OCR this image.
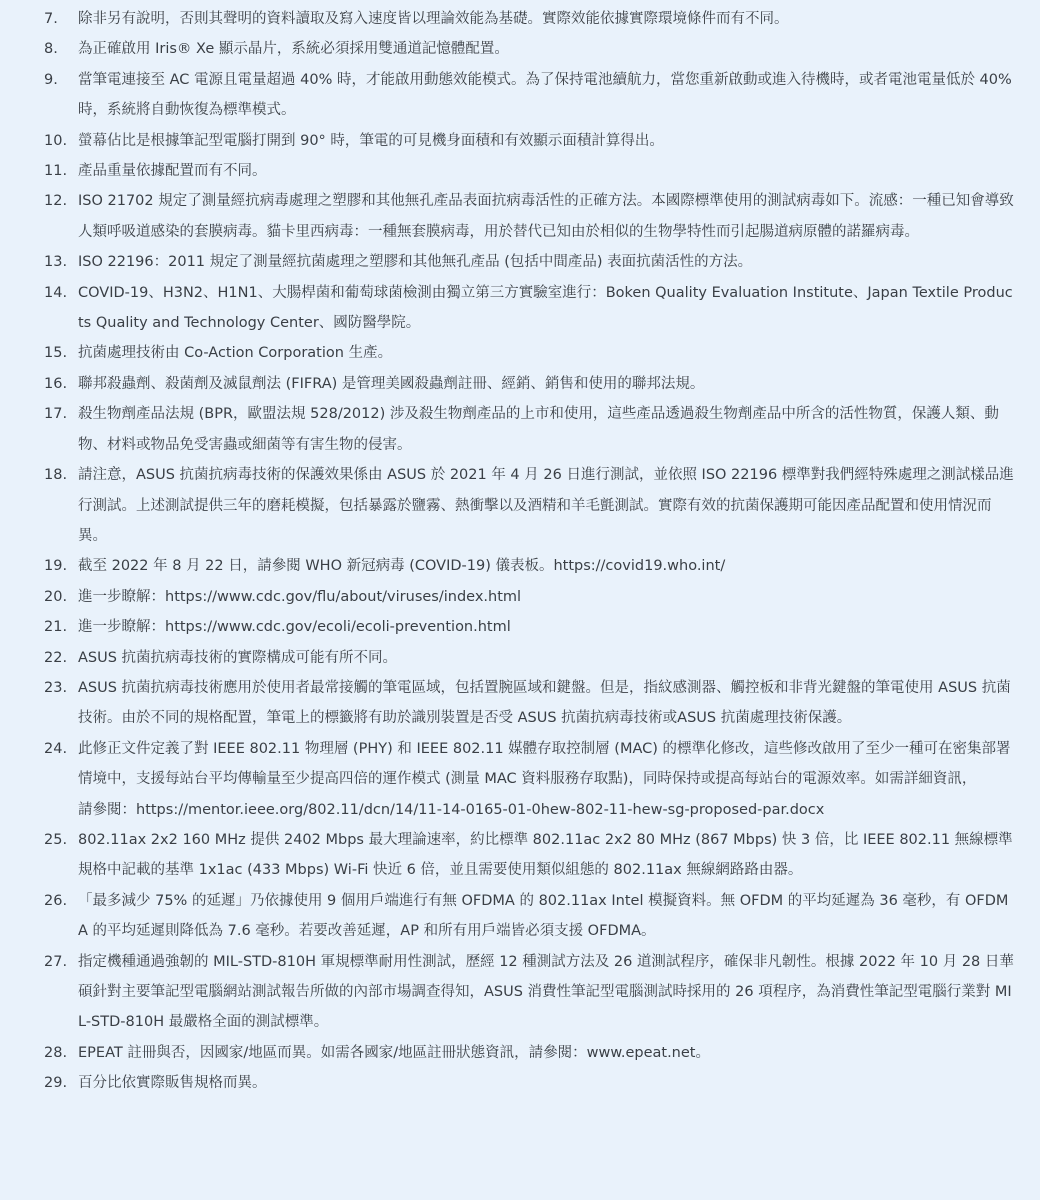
7.	除非另有說明，否則其聲明的資料讀取及寫入速度皆以理論效能為基礎。實際效能依據實際環境條件而有不同。
8.	為正確啟用 Iris® Xe 顯示晶片，系統必須採用雙通道記憶體配置。
9.	當筆電連接至 AC 電源且電量超過 40% 時，才能啟用動態效能模式。為了保持電池續航力，當您重新啟動或進入待機時，或者電池電量低於 40% 時，系統將自動恢復為標準模式。
10. 螢幕佔比是根據筆記型電腦打開到 90° 時，筆電的可見機身面積和有效顯示面積計算得出。
11. 產品重量依據配置而有不同。
12. ISO 21702 規定了測量經抗病毒處理之塑膠和其他無孔產品表面抗病毒活性的正確方法。本國際標準使用的測試病毒如下。流感：一種已知會導致人類呼吸道感染的套膜病毒。貓卡里西病毒：一種無套膜病毒，用於替代已知由於相似的生物學特性而引起腸道病原體的諾羅病毒。
13. ISO 22196：2011 規定了測量經抗菌處理之塑膠和其他無孔產品 (包括中間產品) 表面抗菌活性的方法。
14. COVID-19、H3N2、H1N1、大腸桿菌和葡萄球菌檢測由獨立第三方實驗室進行：Boken Quality Evaluation Institute、Japan Textile Products Quality and Technology Center、國防醫學院。
15. 抗菌處理技術由 Co-Action Corporation 生產。
16. 聯邦殺蟲劑、殺菌劑及滅鼠劑法 (FIFRA) 是管理美國殺蟲劑註冊、經銷、銷售和使用的聯邦法規。
17. 殺生物劑產品法規 (BPR，歐盟法規 528/2012) 涉及殺生物劑產品的上市和使用，這些產品透過殺生物劑產品中所含的活性物質，保護人類、動物、材料或物品免受害蟲或細菌等有害生物的侵害。
18. 請注意，ASUS 抗菌抗病毒技術的保護效果係由 ASUS 於 2021 年 4 月 26 日進行測試，並依照 ISO 22196 標準對我們經特殊處理之測試樣品進行測試。上述測試提供三年的磨耗模擬，包括暴露於鹽霧、熱衝擊以及酒精和羊毛氈測試。實際有效的抗菌保護期可能因產品配置和使用情況而異。
19. 截至 2022 年 8 月 22 日，請參閱 WHO 新冠病毒 (COVID-19) 儀表板。https://covid19.who.int/
20. 進一步瞭解：https://www.cdc.gov/flu/about/viruses/index.html
21. 進一步瞭解：https://www.cdc.gov/ecoli/ecoli-prevention.html
22. ASUS 抗菌抗病毒技術的實際構成可能有所不同。
23. ASUS 抗菌抗病毒技術應用於使用者最常接觸的筆電區域，包括置腕區域和鍵盤。但是，指紋感測器、觸控板和非背光鍵盤的筆電使用 ASUS 抗菌技術。由於不同的規格配置，筆電上的標籤將有助於識別裝置是否受 ASUS 抗菌抗病毒技術或ASUS 抗菌處理技術保護。
24. 此修正文件定義了對 IEEE 802.11 物理層 (PHY) 和 IEEE 802.11 媒體存取控制層 (MAC) 的標準化修改，這些修改啟用了至少一種可在密集部署情境中，支援每站台平均傳輸量至少提高四倍的運作模式 (測量 MAC 資料服務存取點)，同時保持或提高每站台的電源效率。如需詳細資訊，
請參閱：https://mentor.ieee.org/802.11/dcn/14/11-14-0165-01-0hew-802-11-hew-sg-proposed-par.docx
25. 802.11ax 2x2 160 MHz 提供 2402 Mbps 最大理論速率，約比標準 802.11ac 2x2 80 MHz (867 Mbps) 快 3 倍，比 IEEE 802.11 無線標準規格中記載的基準 1x1ac (433 Mbps) Wi-Fi 快近 6 倍，並且需要使用類似組態的 802.11ax 無線網路路由器。
26. 「最多減少 75% 的延遲」乃依據使用 9 個用戶端進行有無 OFDMA 的 802.11ax Intel 模擬資料。無 OFDM 的平均延遲為 36 毫秒，有 OFDMA 的平均延遲則降低為 7.6 毫秒。若要改善延遲，AP 和所有用戶端皆必須支援 OFDMA。
27. 指定機種通過強韌的 MIL-STD-810H 軍規標準耐用性測試，歷經 12 種測試方法及 26 道測試程序，確保非凡韌性。根據 2022 年 10 月 28 日華碩針對主要筆記型電腦網站測試報告所做的內部市場調查得知，ASUS 消費性筆記型電腦測試時採用的 26 項程序，為消費性筆記型電腦行業對 MIL-STD-810H 最嚴格全面的測試標準。
28. EPEAT 註冊與否，因國家/地區而異。如需各國家/地區註冊狀態資訊，請參閱：www.epeat.net。
29. 百分比依實際販售規格而異。
